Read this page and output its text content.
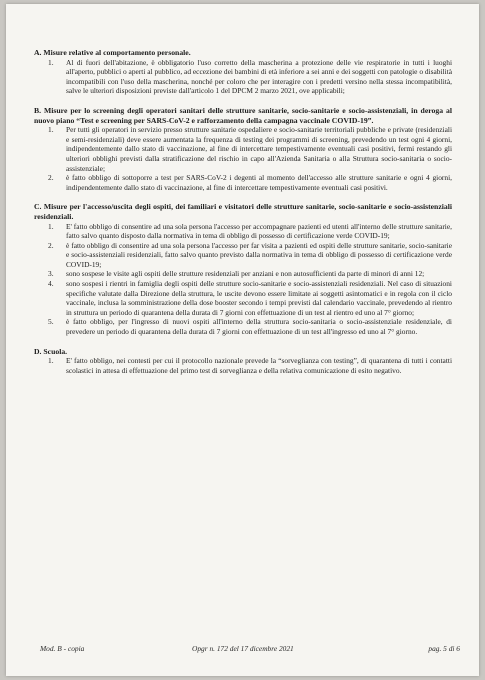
A. Misure relative al comportamento personale.
1. Al di fuori dell'abitazione, è obbligatorio l'uso corretto della mascherina a protezione delle vie respiratorie in tutti i luoghi all'aperto, pubblici o aperti al pubblico, ad eccezione dei bambini di età inferiore a sei anni e dei soggetti con patologie o disabilità incompatibili con l'uso della mascherina, nonché per coloro che per interagire con i predetti versino nella stessa incompatibilità, salve le ulteriori disposizioni previste dall'articolo 1 del DPCM 2 marzo 2021, ove applicabili;
B. Misure per lo screening degli operatori sanitari delle strutture sanitarie, socio-sanitarie e socio-assistenziali, in deroga al nuovo piano “Test e screening per SARS-CoV-2 e rafforzamento della campagna vaccinale COVID-19”.
1. Per tutti gli operatori in servizio presso strutture sanitarie ospedaliere e socio-sanitarie territoriali pubbliche e private (residenziali e semi-residenziali) deve essere aumentata la frequenza di testing dei programmi di screening, prevedendo un test ogni 4 giorni, indipendentemente dallo stato di vaccinazione, al fine di intercettare tempestivamente eventuali casi positivi, fermi restando gli ulteriori obblighi previsti dalla stratificazione del rischio in capo all'Azienda Sanitaria o alla Struttura socio-sanitaria o socio-assistenziale;
2. è fatto obbligo di sottoporre a test per SARS-CoV-2 i degenti al momento dell'accesso alle strutture sanitarie e ogni 4 giorni, indipendentemente dallo stato di vaccinazione, al fine di intercettare tempestivamente eventuali casi positivi.
C. Misure per l'accesso/uscita degli ospiti, dei familiari e visitatori delle strutture sanitarie, socio-sanitarie e socio-assistenziali residenziali.
1. E' fatto obbligo di consentire ad una sola persona l'accesso per accompagnare pazienti ed utenti all'interno delle strutture sanitarie, fatto salvo quanto disposto dalla normativa in tema di obbligo di possesso di certificazione verde COVID-19;
2. è fatto obbligo di consentire ad una sola persona l'accesso per far visita a pazienti ed ospiti delle strutture sanitarie, socio-sanitarie e socio-assistenziali residenziali, fatto salvo quanto previsto dalla normativa in tema di obbligo di possesso di certificazione verde COVID-19;
3. sono sospese le visite agli ospiti delle strutture residenziali per anziani e non autosufficienti da parte di minori di anni 12;
4. sono sospesi i rientri in famiglia degli ospiti delle strutture socio-sanitarie e socio-assistenziali residenziali. Nel caso di situazioni specifiche valutate dalla Direzione della struttura, le uscite devono essere limitate ai soggetti asintomatici e in regola con il ciclo vaccinale, inclusa la somministrazione della dose booster secondo i tempi previsti dal calendario vaccinale, prevedendo al rientro in struttura un periodo di quarantena della durata di 7 giorni con effettuazione di un test al rientro ed uno al 7° giorno;
5. è fatto obbligo, per l'ingresso di nuovi ospiti all'interno della struttura socio-sanitaria o socio-assistenziale residenziale, di prevedere un periodo di quarantena della durata di 7 giorni con effettuazione di un test all'ingresso ed uno al 7° giorno.
D. Scuola.
1. E' fatto obbligo, nei contesti per cui il protocollo nazionale prevede la “sorveglianza con testing”, di quarantena di tutti i contatti scolastici in attesa di effettuazione del primo test di sorveglianza e della relativa comunicazione di esito negativo.
Mod. B - copia	Opgr n. 172 del 17 dicembre 2021	pag. 5 di 6
